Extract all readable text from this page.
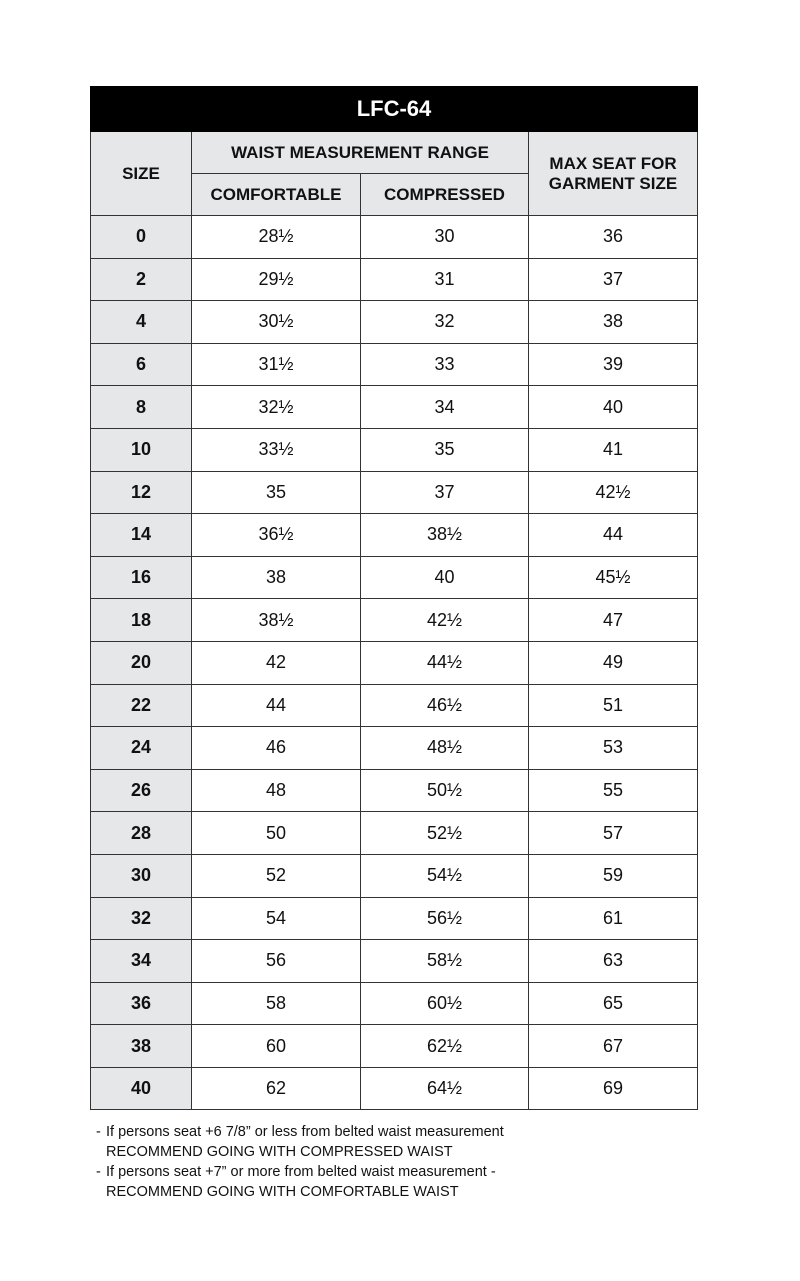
LFC-64			
SIZE	WAIST MEASUREMENT RANGE		MAX SEAT FOR
GARMENT SIZE
	COMFORTABLE	COMPRESSED	
0	28½	30	36
2	29½	31	37
4	30½	32	38
6	31½	33	39
8	32½	34	40
10	33½	35	41
12	35	37	42½
14	36½	38½	44
16	38	40	45½
18	38½	42½	47
20	42	44½	49
22	44	46½	51
24	46	48½	53
26	48	50½	55
28	50	52½	57
30	52	54½	59
32	54	56½	61
34	56	58½	63
36	58	60½	65
38	60	62½	67
40	62	64½	69
- If persons seat +6 7/8” or less from belted waist measurement
RECOMMEND GOING WITH COMPRESSED WAIST
- If persons seat +7” or more from belted waist measurement -
RECOMMEND GOING WITH COMFORTABLE WAIST
